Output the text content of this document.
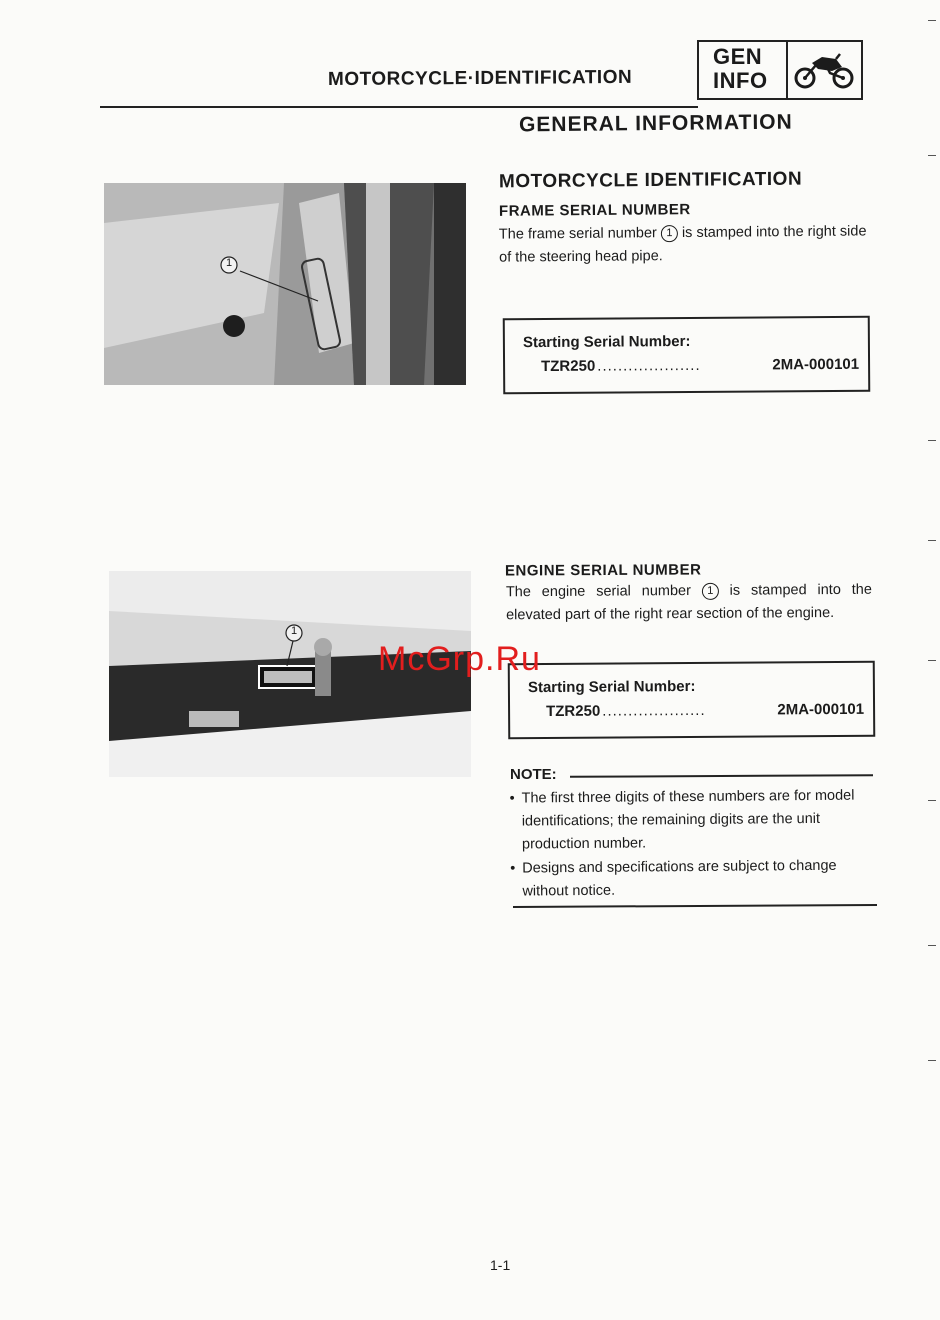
MOTORCYCLE·IDENTIFICATION
GEN
INFO
GENERAL INFORMATION
1
1
MOTORCYCLE IDENTIFICATION
FRAME SERIAL NUMBER
The frame serial number 1 is stamped into the right side of the steering head pipe.
Starting Serial Number:
TZR250 ....................	2MA-000101
ENGINE SERIAL NUMBER
The engine serial number 1 is stamped into the elevated part of the right rear section of the engine.
Starting Serial Number:
TZR250 ....................	2MA-000101
NOTE:
• The first three digits of these numbers are for model identifications; the remaining digits are the unit production number.
• Designs and specifications are subject to change without notice.
McGrp.Ru
1-1
